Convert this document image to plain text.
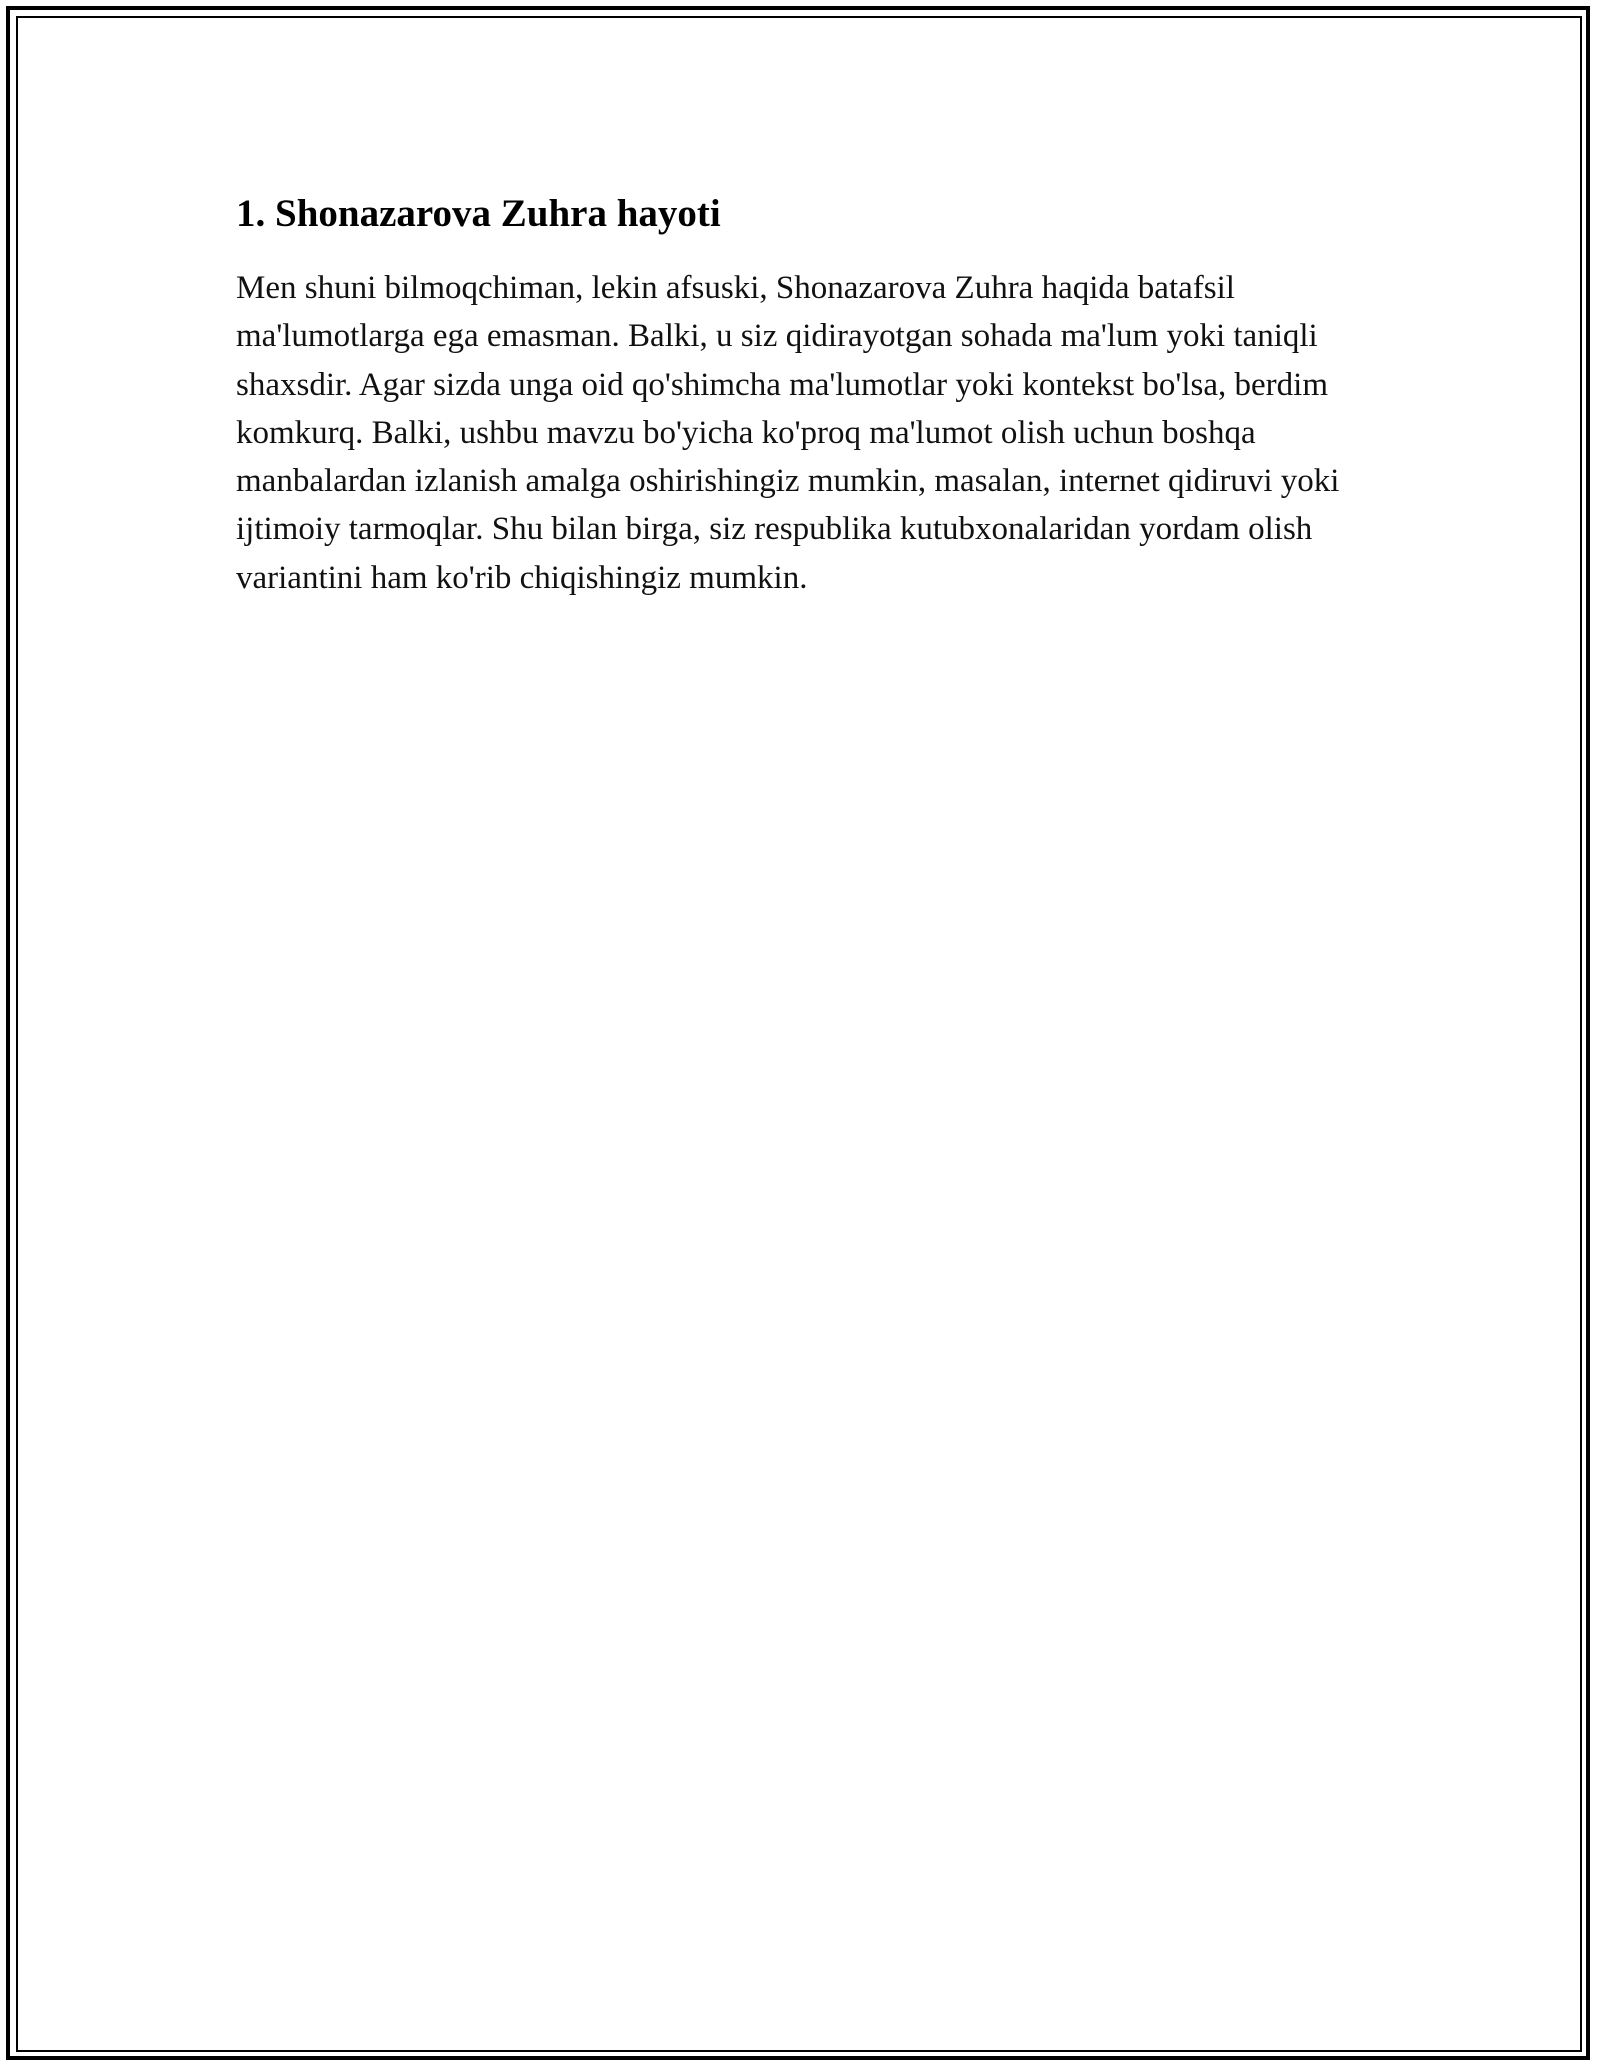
1. Shonazarova Zuhra hayoti

Men shuni bilmoqchiman, lekin afsuski, Shonazarova Zuhra haqida batafsil ma'lumotlarga ega emasman. Balki, u siz qidirayotgan sohada ma'lum yoki taniqli shaxsdir. Agar sizda unga oid qo'shimcha ma'lumotlar yoki kontekst bo'lsa, berdim komkurq. Balki, ushbu mavzu bo'yicha ko'proq ma'lumot olish uchun boshqa manbalardan izlanish amalga oshirishingiz mumkin, masalan, internet qidiruvi yoki ijtimoiy tarmoqlar. Shu bilan birga, siz respublika kutubxonalaridan yordam olish variantini ham ko'rib chiqishingiz mumkin.
